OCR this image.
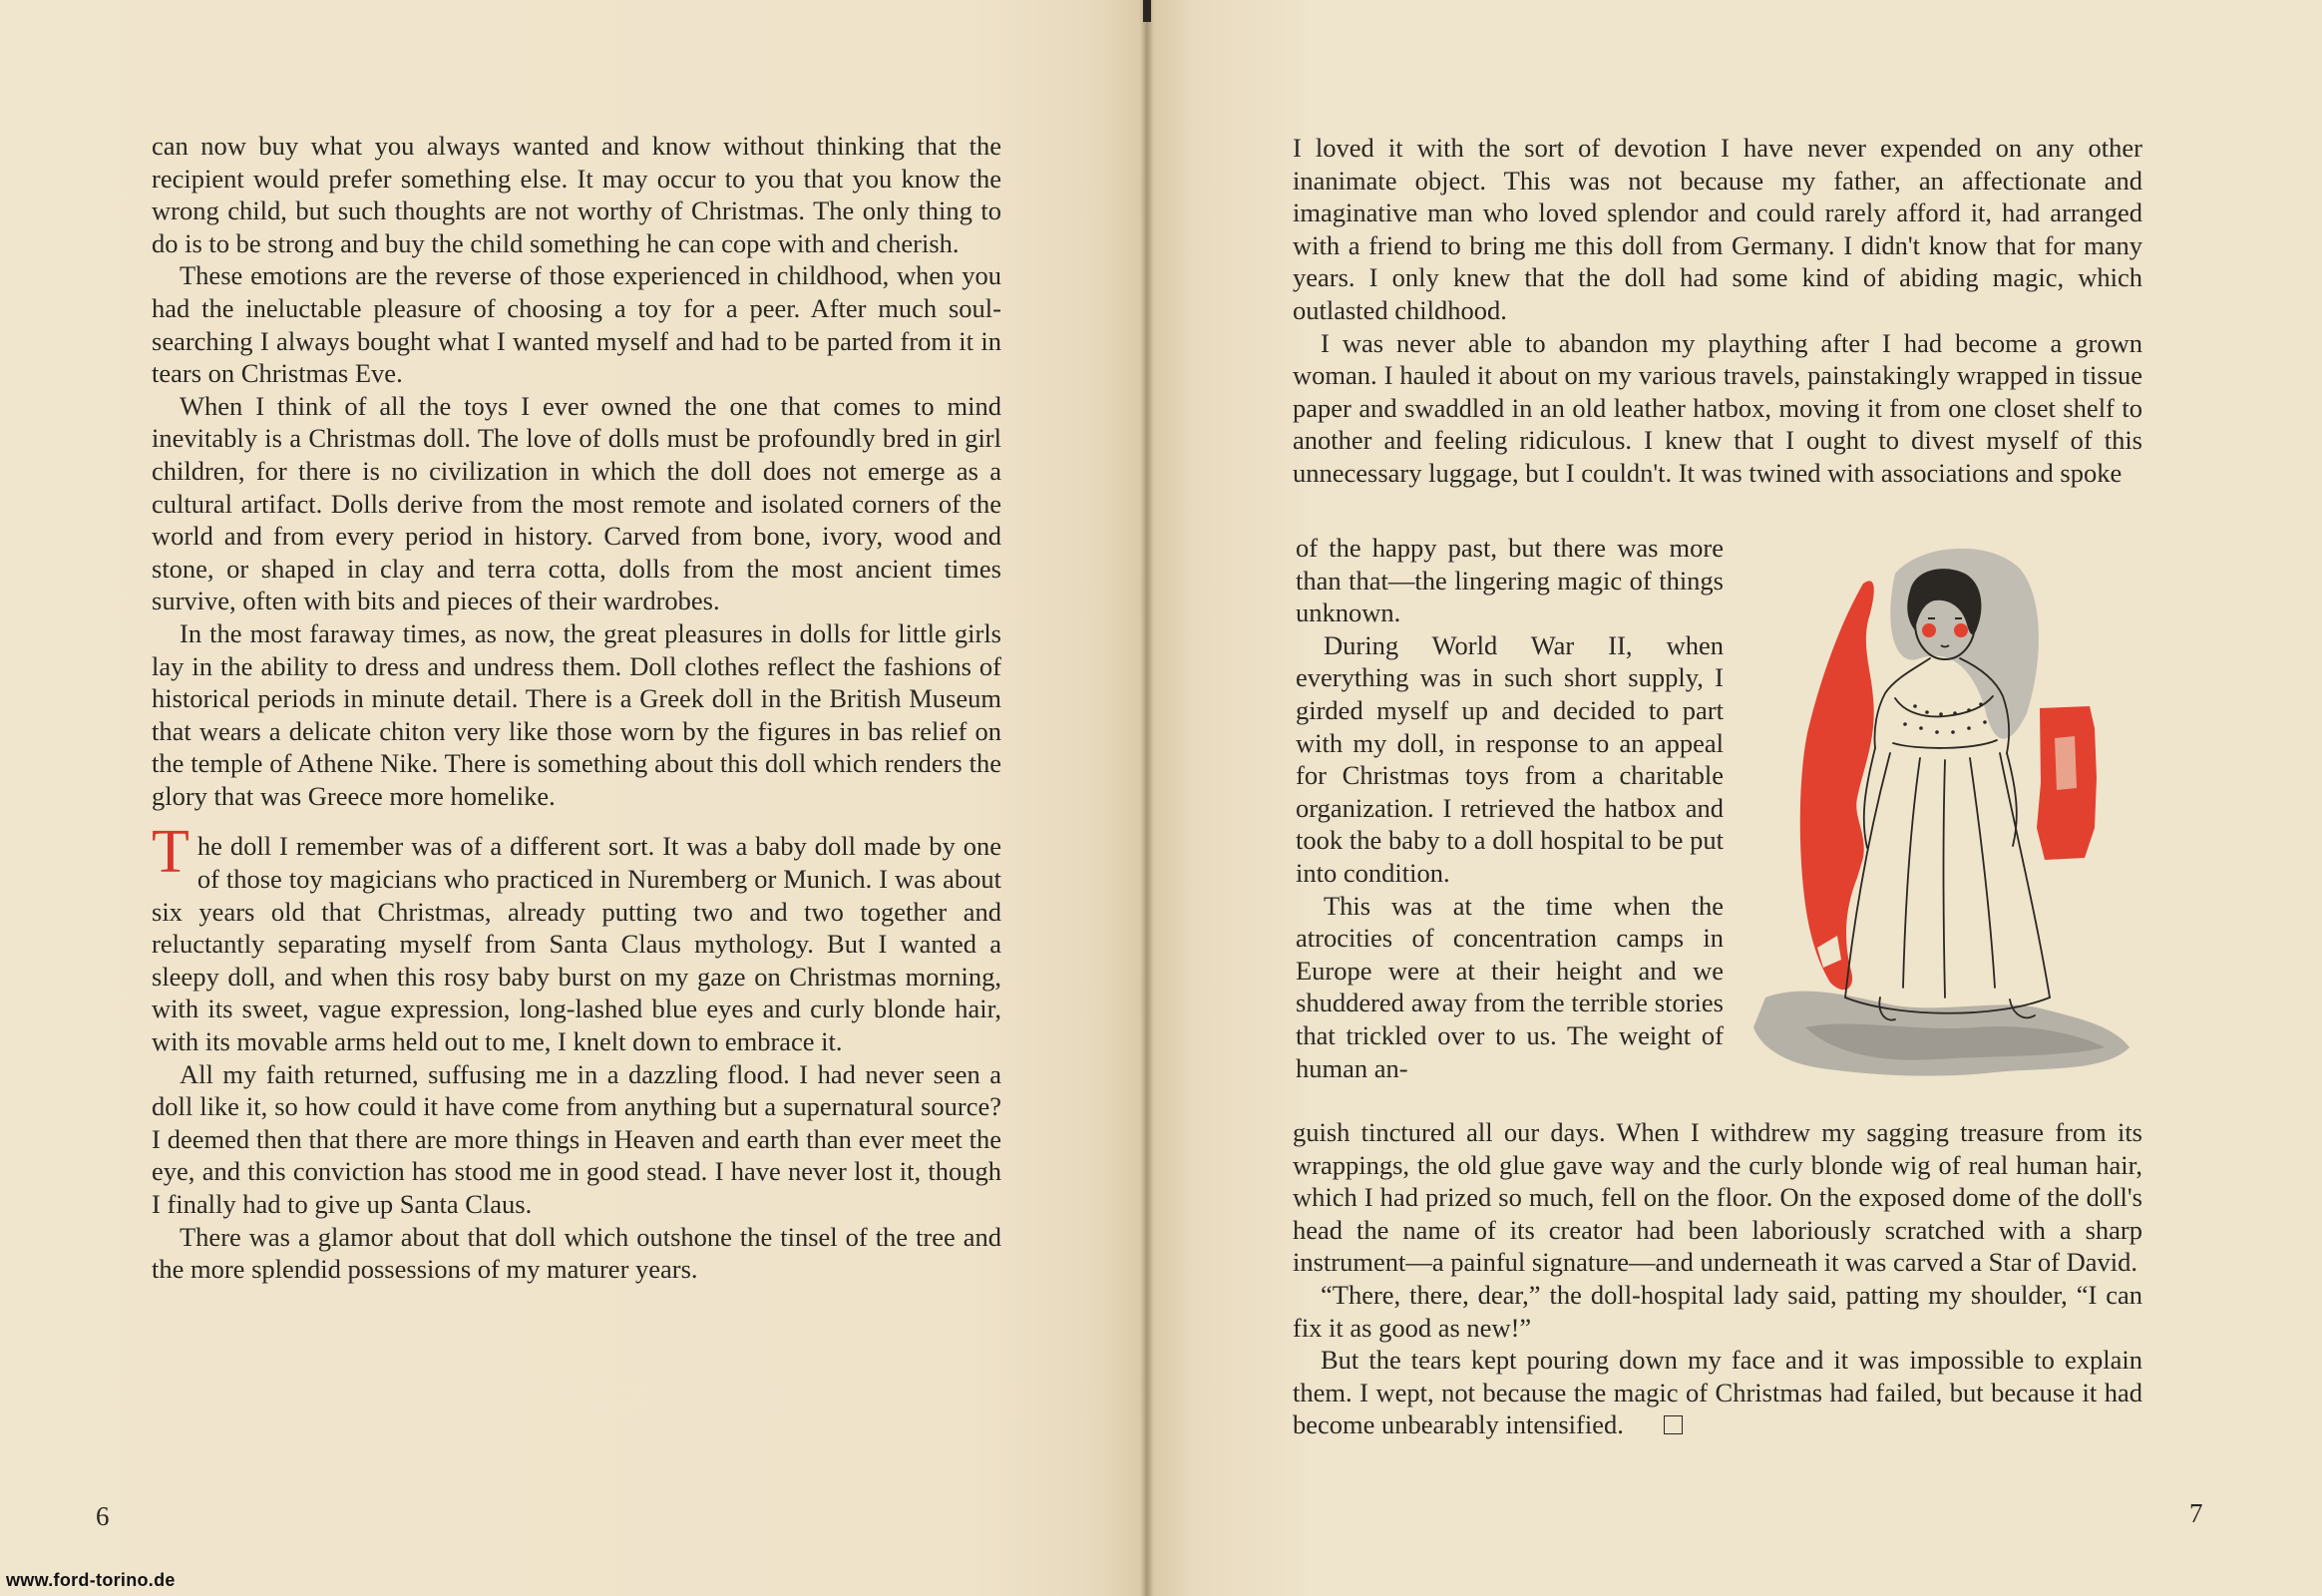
can now buy what you always wanted and know without thinking that the recipient would prefer something else. It may occur to you that you know the wrong child, but such thoughts are not worthy of Christmas. The only thing to do is to be strong and buy the child something he can cope with and cherish.

These emotions are the reverse of those experienced in childhood, when you had the ineluctable pleasure of choosing a toy for a peer. After much soul-searching I always bought what I wanted myself and had to be parted from it in tears on Christmas Eve.

When I think of all the toys I ever owned the one that comes to mind inevitably is a Christmas doll. The love of dolls must be profoundly bred in girl children, for there is no civilization in which the doll does not emerge as a cultural artifact. Dolls derive from the most remote and isolated corners of the world and from every period in history. Carved from bone, ivory, wood and stone, or shaped in clay and terra cotta, dolls from the most ancient times survive, often with bits and pieces of their wardrobes.

In the most faraway times, as now, the great pleasures in dolls for little girls lay in the ability to dress and undress them. Doll clothes reflect the fashions of historical periods in minute detail. There is a Greek doll in the British Museum that wears a delicate chiton very like those worn by the figures in bas relief on the temple of Athene Nike. There is something about this doll which renders the glory that was Greece more homelike.

The doll I remember was of a different sort. It was a baby doll made by one of those toy magicians who practiced in Nuremberg or Munich. I was about six years old that Christmas, already putting two and two together and reluctantly separating myself from Santa Claus mythology. But I wanted a sleepy doll, and when this rosy baby burst on my gaze on Christmas morning, with its sweet, vague expression, long-lashed blue eyes and curly blonde hair, with its movable arms held out to me, I knelt down to embrace it.

All my faith returned, suffusing me in a dazzling flood. I had never seen a doll like it, so how could it have come from anything but a supernatural source? I deemed then that there are more things in Heaven and earth than ever meet the eye, and this conviction has stood me in good stead. I have never lost it, though I finally had to give up Santa Claus.

There was a glamor about that doll which outshone the tinsel of the tree and the more splendid possessions of my maturer years.

6

I loved it with the sort of devotion I have never expended on any other inanimate object. This was not because my father, an affectionate and imaginative man who loved splendor and could rarely afford it, had arranged with a friend to bring me this doll from Germany. I didn't know that for many years. I only knew that the doll had some kind of abiding magic, which outlasted childhood.

I was never able to abandon my plaything after I had become a grown woman. I hauled it about on my various travels, painstakingly wrapped in tissue paper and swaddled in an old leather hatbox, moving it from one closet shelf to another and feeling ridiculous. I knew that I ought to divest myself of this unnecessary luggage, but I couldn't. It was twined with associations and spoke

of the happy past, but there was more than that—the lingering magic of things unknown.

During World War II, when everything was in such short supply, I girded myself up and decided to part with my doll, in response to an appeal for Christmas toys from a charitable organization. I retrieved the hatbox and took the baby to a doll hospital to be put into condition.

This was at the time when the atrocities of concentration camps in Europe were at their height and we shuddered away from the terrible stories that trickled over to us. The weight of human an-

guish tinctured all our days. When I withdrew my sagging treasure from its wrappings, the old glue gave way and the curly blonde wig of real human hair, which I had prized so much, fell on the floor. On the exposed dome of the doll's head the name of its creator had been laboriously scratched with a sharp instrument—a painful signature—and underneath it was carved a Star of David.

“There, there, dear,” the doll-hospital lady said, patting my shoulder, “I can fix it as good as new!”

But the tears kept pouring down my face and it was impossible to explain them. I wept, not because the magic of Christmas had failed, but because it had become unbearably intensified.

7
www.ford-torino.de
